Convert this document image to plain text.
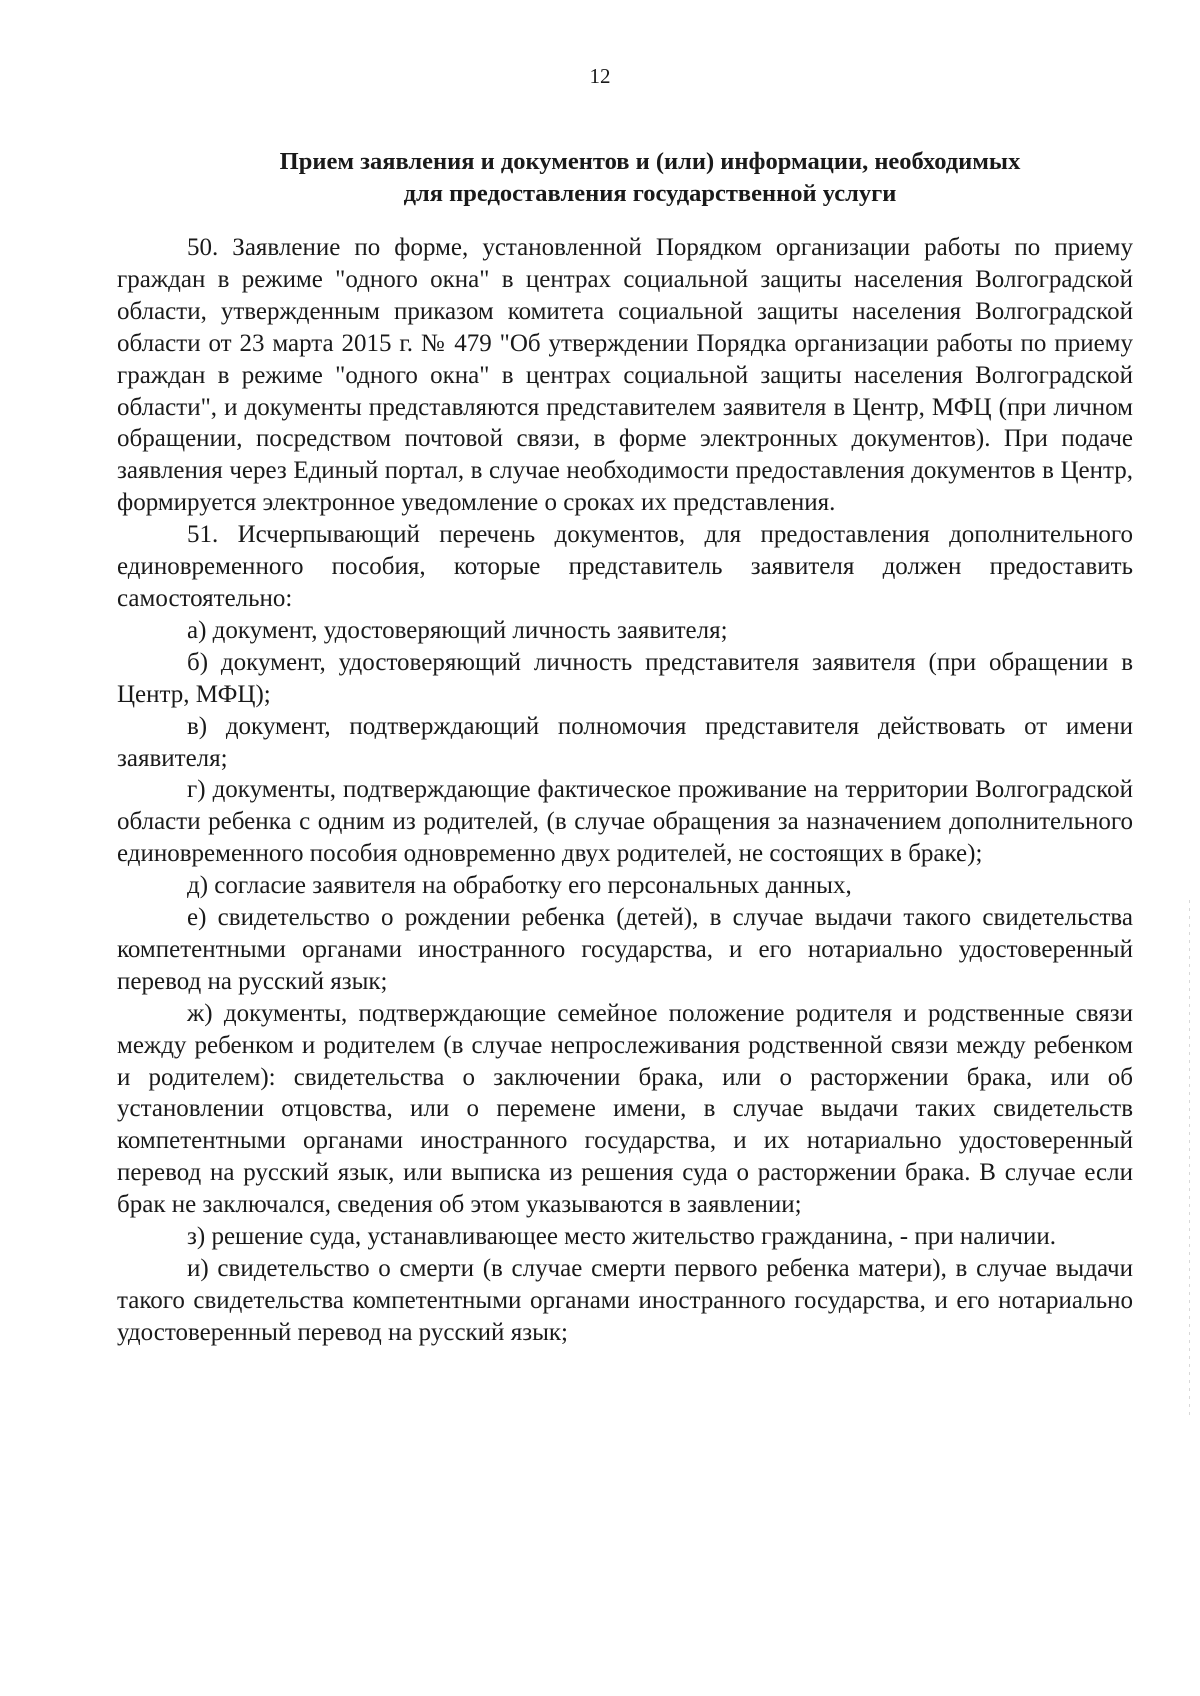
12
Прием заявления и документов и (или) информации, необходимых
для предоставления государственной услуги

50. Заявление по форме, установленной Порядком организации работы по приему граждан в режиме "одного окна" в центрах социальной защиты населения Волгоградской области, утвержденным приказом комитета социальной защиты населения Волгоградской области от 23 марта 2015 г. № 479 "Об утверждении Порядка организации работы по приему граждан в режиме "одного окна" в центрах социальной защиты населения Волгоградской области", и документы представляются представителем заявителя в Центр, МФЦ (при личном обращении, посредством почтовой связи, в форме электронных документов). При подаче заявления через Единый портал, в случае необходимости предоставления документов в Центр, формируется электронное уведомление о сроках их представления.

51. Исчерпывающий перечень документов, для предоставления дополнительного единовременного пособия, которые представитель заявителя должен предоставить самостоятельно:

а) документ, удостоверяющий личность заявителя;

б) документ, удостоверяющий личность представителя заявителя (при обращении в Центр, МФЦ);

в) документ, подтверждающий полномочия представителя действовать от имени заявителя;

г) документы, подтверждающие фактическое проживание на территории Волгоградской области ребенка с одним из родителей, (в случае обращения за назначением дополнительного единовременного пособия одновременно двух родителей, не состоящих в браке);

д) согласие заявителя на обработку его персональных данных,

е) свидетельство о рождении ребенка (детей), в случае выдачи такого свидетельства компетентными органами иностранного государства, и его нотариально удостоверенный перевод на русский язык;

ж) документы, подтверждающие семейное положение родителя и родственные связи между ребенком и родителем (в случае непрослеживания родственной связи между ребенком и родителем): свидетельства о заключении брака, или о расторжении брака, или об установлении отцовства, или о перемене имени, в случае выдачи таких свидетельств компетентными органами иностранного государства, и их нотариально удостоверенный перевод на русский язык, или выписка из решения суда о расторжении брака. В случае если брак не заключался, сведения об этом указываются в заявлении;

з) решение суда, устанавливающее место жительство гражданина, - при наличии.

и) свидетельство о смерти (в случае смерти первого ребенка матери), в случае выдачи такого свидетельства компетентными органами иностранного государства, и его нотариально удостоверенный перевод на русский язык;
